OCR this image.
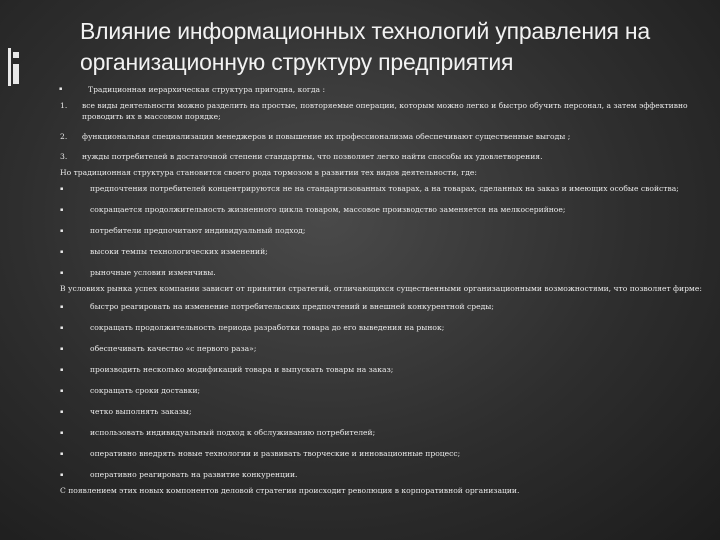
Влияние информационных технологий управления на организационную структуру предприятия
▪	Традиционная иерархическая структура пригодна, когда :
1.	все виды деятельности можно разделить на простые, повторяемые операции, которым можно легко и быстро обучить персонал, а затем эффективно проводить их в массовом порядке;
2.	функциональная специализация менеджеров и повышение их профессионализма обеспечивают существенные выгоды ;
3.	нужды потребителей в достаточной степени стандартны, что позволяет легко найти способы их удовлетворения.
Но традиционная структура становится своего рода тормозом в развитии тех видов деятельности, где:
▪	предпочтения потребителей концентрируются не на стандартизованных товарах, а на товарах, сделанных на заказ и имеющих особые свойства;
▪	сокращается продолжительность жизненного цикла товаром, массовое производство заменяется на мелкосерийное;
▪	потребители предпочитают индивидуальный подход;
▪	высоки темпы технологических изменений;
▪	рыночные условия изменчивы.
В условиях рынка успех компании зависит от принятия стратегий, отличающихся существенными организационными возможностями, что позволяет фирме:
▪	быстро реагировать на изменение потребительских предпочтений и внешней конкурентной среды;
▪	сокращать продолжительность периода разработки товара до его выведения на рынок;
▪	обеспечивать качество «с первого раза»;
▪	производить несколько модификаций товара и выпускать товары на заказ;
▪	сокращать сроки доставки;
▪	четко выполнять заказы;
▪	использовать индивидуальный подход к обслуживанию потребителей;
▪	оперативно внедрять новые технологии и развивать творческие и инновационные процесс;
▪	оперативно реагировать на развитие конкуренции.
С появлением этих новых компонентов деловой стратегии происходит революция в корпоративной организации.
